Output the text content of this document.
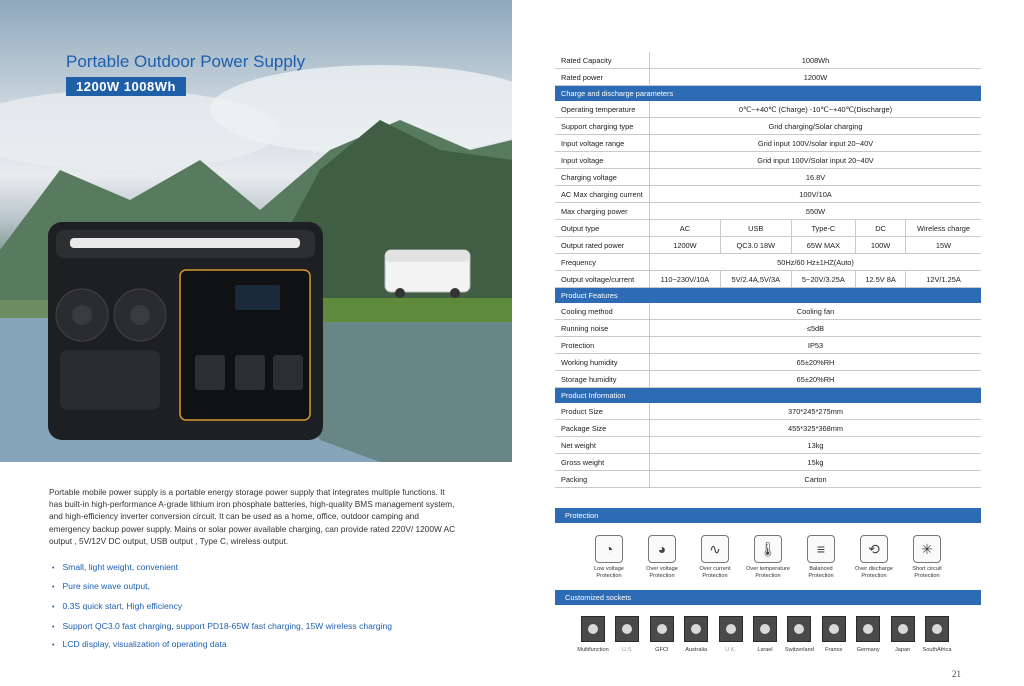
Portable Outdoor Power Supply
1200W 1008Wh
Portable mobile power supply is a portable energy storage power supply that integrates multiple functions. It has built-in high-performance A-grade lithium iron phosphate batteries, high-quality BMS management system, and high-efficiency inverter conversion circuit. It can be used as a home, office, outdoor camping and emergency backup power supply. Mains or solar power available charging, can provide rated 220V/ 1200W AC output , 5V/12V DC output, USB output , Type C, wireless output.
• Small, light weight, convenient
• Pure sine wave output,
• 0.3S quick start, High efficiency
• Support QC3.0 fast charging, support PD18-65W fast charging, 15W wireless charging
• LCD display, visualization of operating data
Rated Capacity	1008Wh				
Rated power	1200W				
Charge and discharge parameters					
Operating temperature	0℃~+40℃ (Charge) -10℃~+40℃(Discharge)				
Support charging type	Grid charging/Solar charging				
Input voltage range	Grid input 100V/solar input 20~40V				
Input voltage	Grid input 100V/Solar input 20~40V				
Charging voltage	16.8V				
AC Max charging current	100V/10A				
Max charging power	550W				
Output type	AC	USB	Type-C	DC	Wireless charge
Output rated power	1200W	QC3.0 18W	65W MAX	100W	15W
Frequency	50Hz/60 Hz±1HZ(Auto)				
Output voltage/current	110~230V/10A	5V/2.4A,5V/3A	5~20V/3.25A	12.5V 8A	12V/1.25A
Product Features					
Cooling method	Cooling fan				
Running noise	≤5dB				
Protection	IP53				
Working humidity	65±20%RH				
Storage humidity	65±20%RH				
Product Information					
Product Size	370*245*275mm				
Package Size	455*325*368mm				
Net weight	13kg				
Gross weight	15kg				
Packing	Carton				
Protection
Customized sockets
◔
Low voltage
Protection
◕
Over voltage
Protection
∿
Over current
Protection
🌡
Over temperature
Protection
≡
Balanced
Protection
⟲
Over discharge
Protection
✳
Short circuit
Protection
Multifunction	U.S.	GFCI	Australia	U.K.	Lsrael	Switzerland	France	Germany	Japan	SouthAfrica
21
